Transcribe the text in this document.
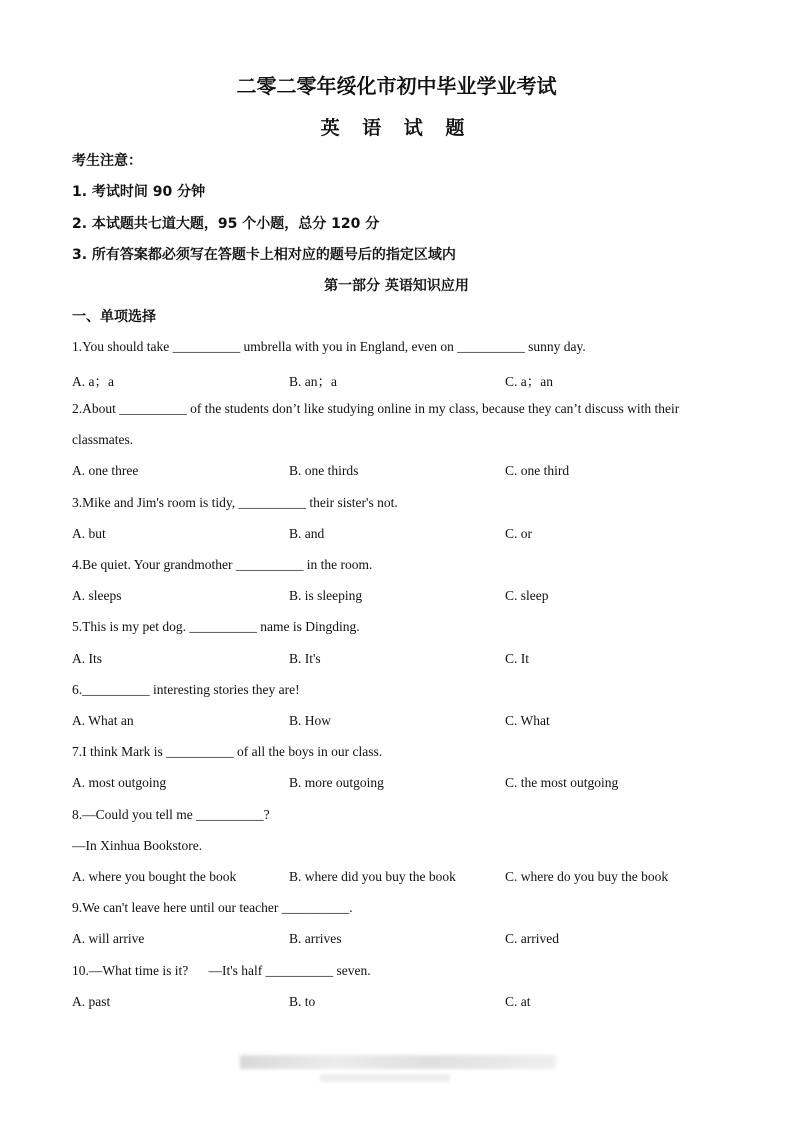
二零二零年绥化市初中毕业学业考试
英 语 试 题
考生注意：
1. 考试时间 90 分钟
2. 本试题共七道大题，95 个小题，总分 120 分
3. 所有答案都必须写在答题卡上相对应的题号后的指定区域内
第一部分 英语知识应用
一、单项选择
1.You should take __________ umbrella with you in England, even on __________ sunny day.
A. a；a	B. an；a	C. a；an
2.About __________ of the students don’t like studying online in my class, because they can’t discuss with their
classmates.
A. one three	B. one thirds	C. one third
3.Mike and Jim's room is tidy, __________ their sister's not.
A. but	B. and	C. or
4.Be quiet. Your grandmother __________ in the room.
A. sleeps	B. is sleeping	C. sleep
5.This is my pet dog. __________ name is Dingding.
A. Its	B. It's	C. It
6.__________ interesting stories they are!
A. What an	B. How	C. What
7.I think Mark is __________ of all the boys in our class.
A. most outgoing	B. more outgoing	C. the most outgoing
8.—Could you tell me __________?
—In Xinhua Bookstore.
A. where you bought the book	B. where did you buy the book	C. where do you buy the book
9.We can't leave here until our teacher __________.
A. will arrive	B. arrives	C. arrived
10.—What time is it?      —It's half __________ seven.
A. past	B. to	C. at
